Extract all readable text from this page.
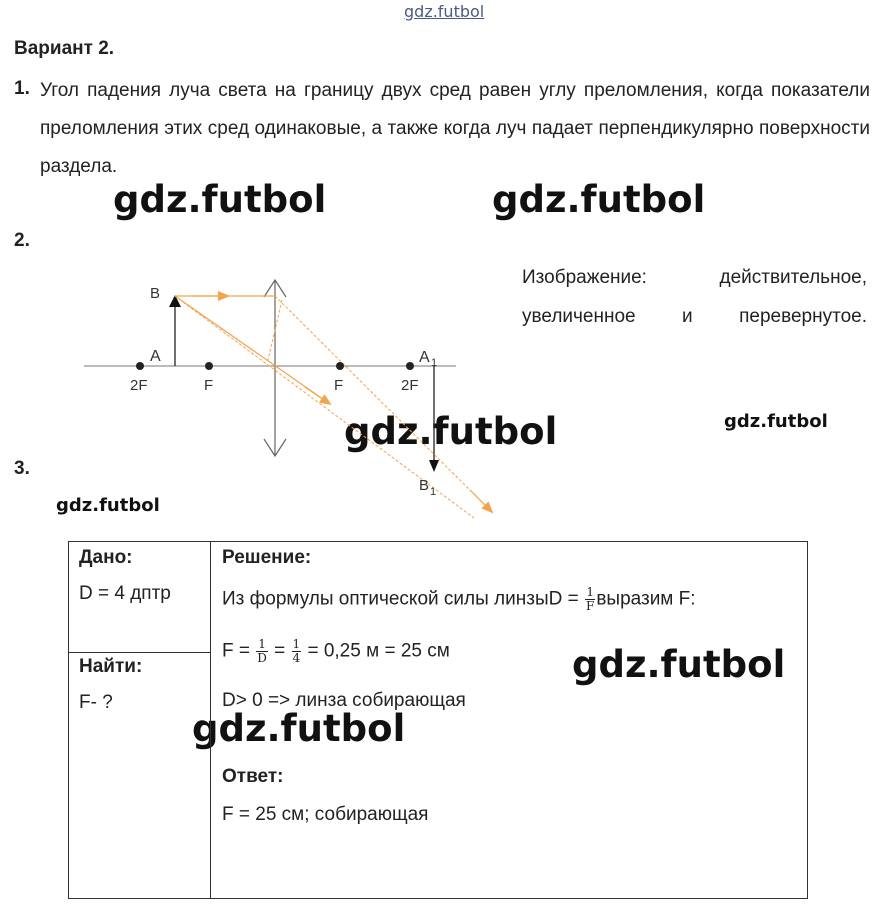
gdz.futbol
gdz.futbol	gdz.futbol
gdz.futbol	gdz.futbol
gdz.futbol
gdz.futbol
gdz.futbol
Вариант 2.
1. Угол падения луча света на границу двух сред равен углу преломления, когда показатели преломления этих сред одинаковые, а также когда луч падает перпендикулярно поверхности раздела.
2.
Изображение: действительное,
увеличенное и перевернутое.
B
A
2F	F	F	2F
A 1
B 1
3.
Дано:
D = 4 дптр
Найти:
F- ?
Решение:
Из формулы оптической силы линзыD = $\frac{1}{F}$ выразим F:
$F = \frac{1}{D} = \frac{1}{4} = 0,25$ м = 25 см
D> 0 => линза собирающая
Ответ:
F = 25 см; собирающая
